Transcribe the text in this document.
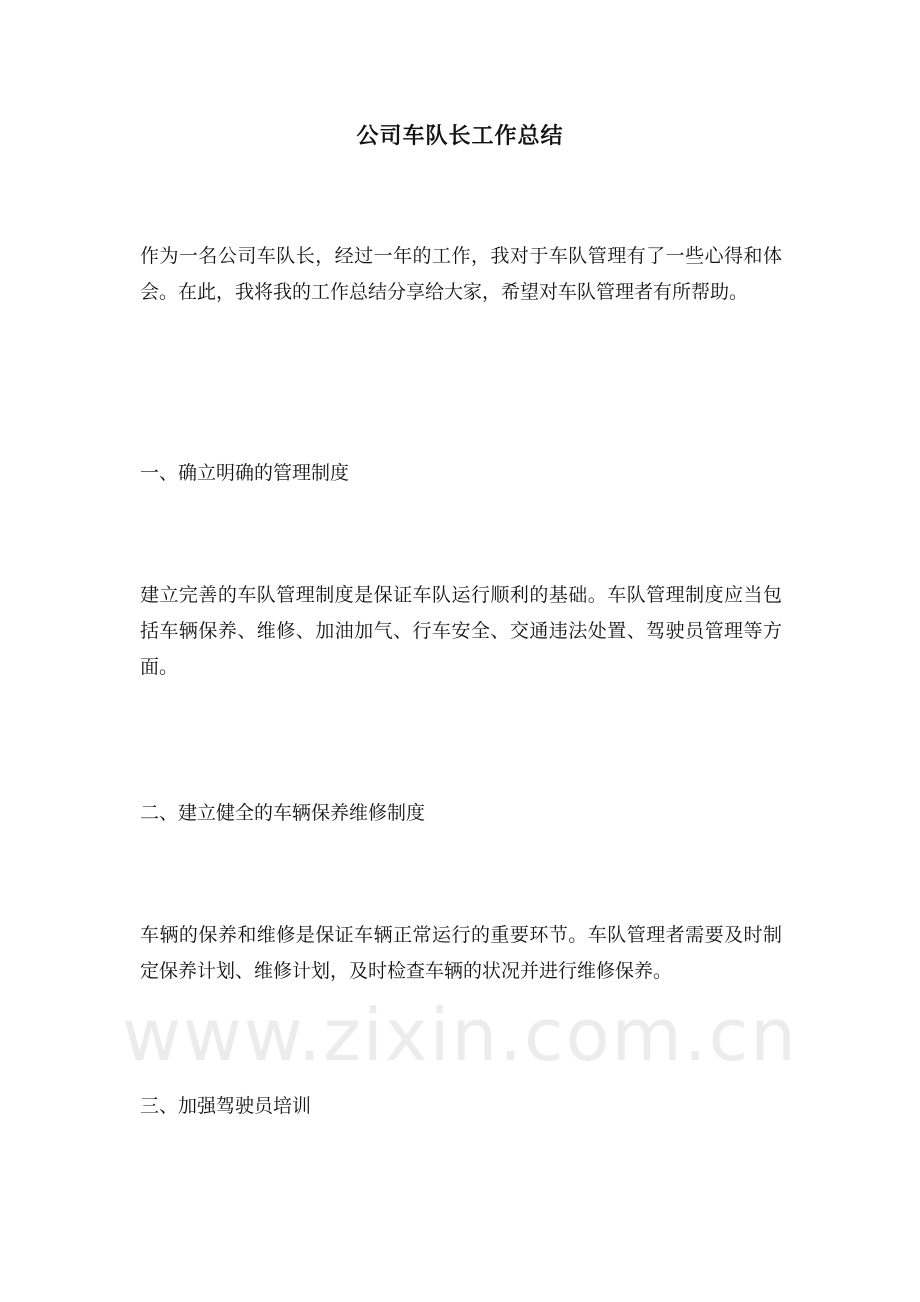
www.zixin.com.cn
公司车队长工作总结

作为一名公司车队长，经过一年的工作，我对于车队管理有了一些心得和体会。在此，我将我的工作总结分享给大家，希望对车队管理者有所帮助。

一、确立明确的管理制度

建立完善的车队管理制度是保证车队运行顺利的基础。车队管理制度应当包括车辆保养、维修、加油加气、行车安全、交通违法处置、驾驶员管理等方面。

二、建立健全的车辆保养维修制度

车辆的保养和维修是保证车辆正常运行的重要环节。车队管理者需要及时制定保养计划、维修计划，及时检查车辆的状况并进行维修保养。

三、加强驾驶员培训
